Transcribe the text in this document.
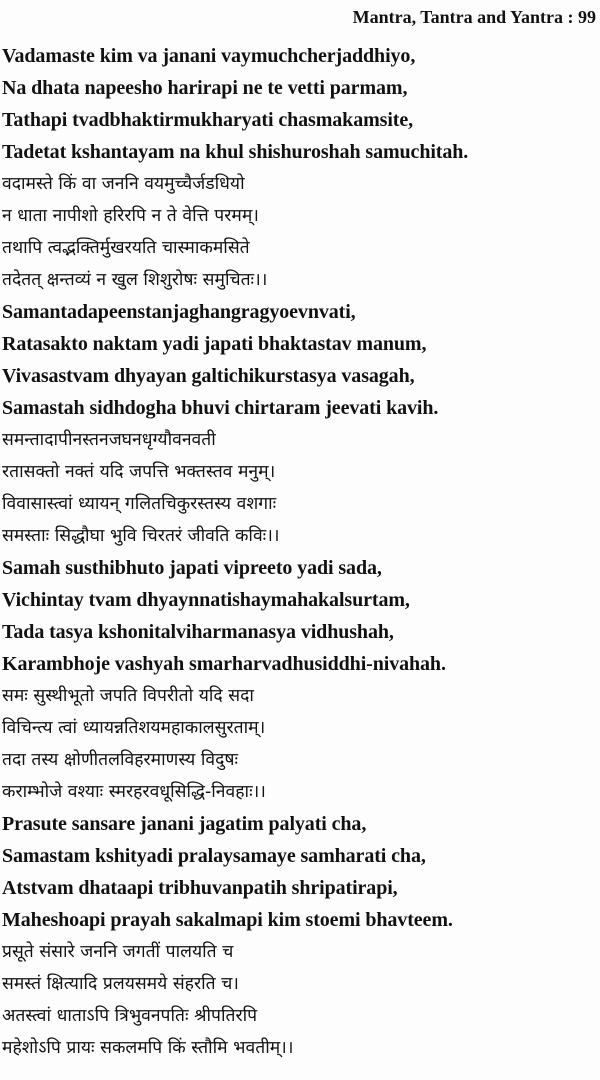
Mantra, Tantra and Yantra : 99
Vadamaste kim va janani vaymuchcherjaddhiyo,
Na dhata napeesho harirapi ne te vetti parmam,
Tathapi tvadbhaktirmukharyati chasmakamsite,
Tadetat kshantayam na khul shishuroshah samuchitah.
वदामस्ते किं वा जननि वयमुच्चैर्जडधियो
न धाता नापीशो हरिरपि न ते वेत्ति परमम्।
तथापि त्वद्भक्तिर्मुखरयति चास्माकमसिते
तदेतत् क्षन्तव्यं न खुल शिशुरोषः समुचितः।।
Samantadapeenstanjaghangragyoevnvati,
Ratasakto naktam yadi japati bhaktastav manum,
Vivasastvam dhyayan galtichikurstasya vasagah,
Samastah sidhdogha bhuvi chirtaram jeevati kavih.
समन्तादापीनस्तनजघनधृग्यौवनवती
रतासक्तो नक्तं यदि जपत्ति भक्तस्तव मनुम्।
विवासास्त्वां ध्यायन् गलितचिकुरस्तस्य वशगाः
समस्ताः सिद्धौघा भुवि चिरतरं जीवति कविः।।
Samah susthibhuto japati vipreeto yadi sada,
Vichintay tvam dhyaynnatishaymahakalsurtam,
Tada tasya kshonitalviharmanasya vidhushah,
Karambhoje vashyah smarharvadhusiddhi-nivahah.
समः सुस्थीभूतो जपति विपरीतो यदि सदा
विचिन्त्य त्वां ध्यायन्नतिशयमहाकालसुरताम्।
तदा तस्य क्षोणीतलविहरमाणस्य विदुषः
कराम्भोजे वश्याः स्मरहरवधूसिद्धि-निवहाः।।
Prasute sansare janani jagatim palyati cha,
Samastam kshityadi pralaysamaye samharati cha,
Atstvam dhataapi tribhuvanpatih shripatirapi,
Maheshoapi prayah sakalmapi kim stoemi bhavteem.
प्रसूते संसारे जननि जगतीं पालयति च
समस्तं क्षित्यादि प्रलयसमये संहरति च।
अतस्त्वां धाताऽपि त्रिभुवनपतिः श्रीपतिरपि
महेशोऽपि प्रायः सकलमपि किं स्तौमि भवतीम्।।
